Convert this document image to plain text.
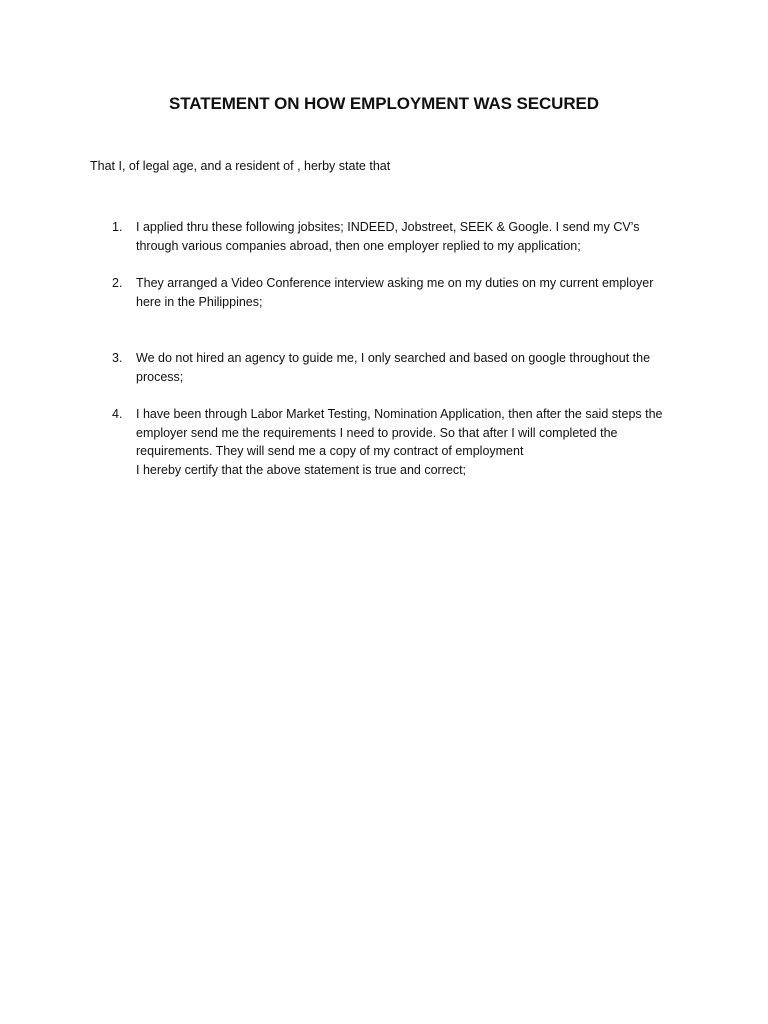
STATEMENT ON HOW EMPLOYMENT WAS SECURED

That I, of legal age, and a resident of , herby state that

1.	I applied thru these following jobsites; INDEED, Jobstreet, SEEK & Google. I send my CV’s
through various companies abroad, then one employer replied to my application;
2.	They arranged a Video Conference interview asking me on my duties on my current employer
here in the Philippines;
3.	We do not hired an agency to guide me, I only searched and based on google throughout the
process;
4.	I have been through Labor Market Testing, Nomination Application, then after the said steps the
employer send me the requirements I need to provide. So that after I will completed the
requirements. They will send me a copy of my contract of employment
I hereby certify that the above statement is true and correct;
